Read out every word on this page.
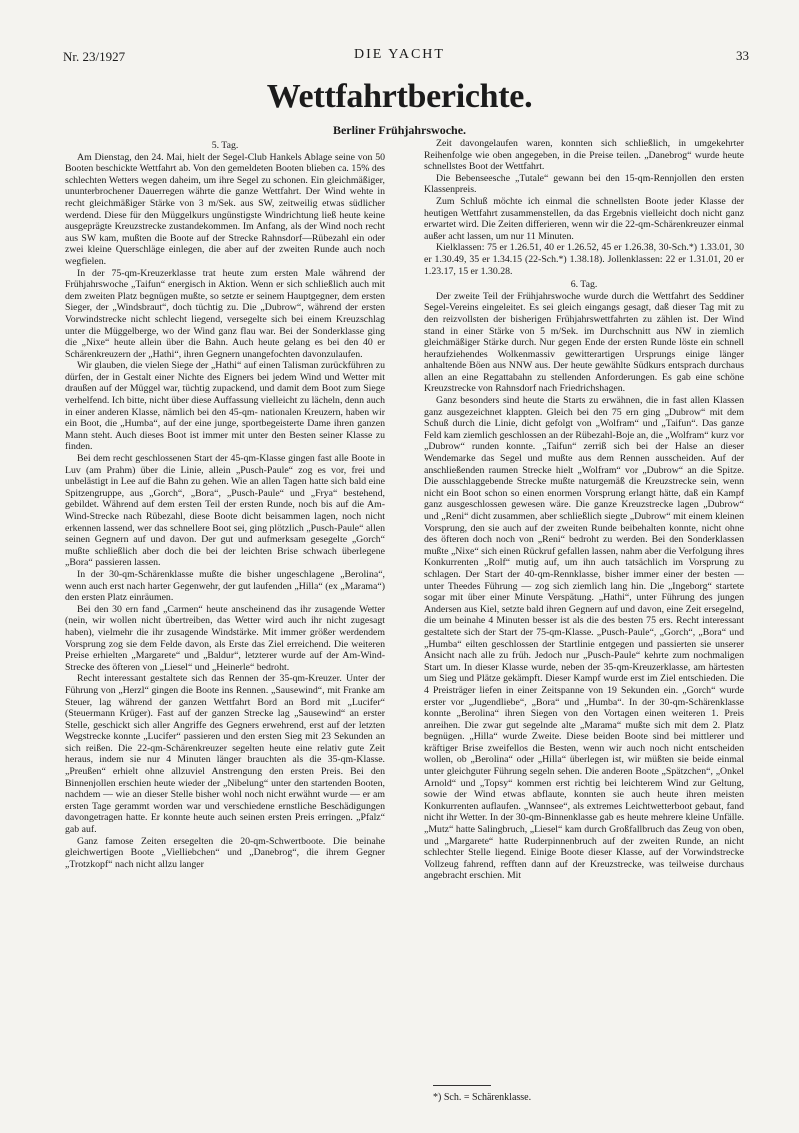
Nr. 23/1927	DIE YACHT	33
Wettfahrtberichte.
Berliner Frühjahrswoche.

5. Tag.

Am Dienstag, den 24. Mai, hielt der Segel-Club Hankels Ablage seine von 50 Booten beschickte Wettfahrt ab. Von den gemeldeten Booten blieben ca. 15% des schlechten Wetters wegen daheim, um ihre Segel zu schonen. Ein gleichmäßiger, ununterbrochener Dauerregen währte die ganze Wettfahrt. Der Wind wehte in recht gleichmäßiger Stärke von 3 m/Sek. aus SW, zeitweilig etwas südlicher werdend. Diese für den Müggelkurs ungünstigste Windrichtung ließ heute keine ausgeprägte Kreuzstrecke zustandekommen. Im Anfang, als der Wind noch recht aus SW kam, mußten die Boote auf der Strecke Rahnsdorf—Rübezahl ein oder zwei kleine Querschläge einlegen, die aber auf der zweiten Runde auch noch wegfielen.

In der 75-qm-Kreuzerklasse trat heute zum ersten Male während der Frühjahrswoche „Taifun“ energisch in Aktion. Wenn er sich schließlich auch mit dem zweiten Platz begnügen mußte, so setzte er seinem Hauptgegner, dem ersten Sieger, der „Windsbraut“, doch tüchtig zu. Die „Dubrow“, während der ersten Vorwindstrecke nicht schlecht liegend, versegelte sich bei einem Kreuzschlag unter die Müggelberge, wo der Wind ganz flau war. Bei der Sonderklasse ging die „Nixe“ heute allein über die Bahn. Auch heute gelang es bei den 40 er Schärenkreuzern der „Hathi“, ihren Gegnern unangefochten davonzulaufen.

Wir glauben, die vielen Siege der „Hathi“ auf einen Talisman zurückführen zu dürfen, der in Gestalt einer Nichte des Eigners bei jedem Wind und Wetter mit draußen auf der Müggel war, tüchtig zupackend, und damit dem Boot zum Siege verhelfend. Ich bitte, nicht über diese Auffassung vielleicht zu lächeln, denn auch in einer anderen Klasse, nämlich bei den 45-qm- nationalen Kreuzern, haben wir ein Boot, die „Humba“, auf der eine junge, sportbegeisterte Dame ihren ganzen Mann steht. Auch dieses Boot ist immer mit unter den Besten seiner Klasse zu finden.

Bei dem recht geschlossenen Start der 45-qm-Klasse gingen fast alle Boote in Luv (am Prahm) über die Linie, allein „Pusch-Paule“ zog es vor, frei und unbelästigt in Lee auf die Bahn zu gehen. Wie an allen Tagen hatte sich bald eine Spitzengruppe, aus „Gorch“, „Bora“, „Pusch-Paule“ und „Frya“ bestehend, gebildet. Während auf dem ersten Teil der ersten Runde, noch bis auf die Am-Wind-Strecke nach Rübezahl, diese Boote dicht beisammen lagen, noch nicht erkennen lassend, wer das schnellere Boot sei, ging plötzlich „Pusch-Paule“ allen seinen Gegnern auf und davon. Der gut und aufmerksam gesegelte „Gorch“ mußte schließlich aber doch die bei der leichten Brise schwach überlegene „Bora“ passieren lassen.

In der 30-qm-Schärenklasse mußte die bisher ungeschlagene „Berolina“, wenn auch erst nach harter Gegenwehr, der gut laufenden „Hilla“ (ex „Marama“) den ersten Platz einräumen.

Bei den 30 ern fand „Carmen“ heute anscheinend das ihr zusagende Wetter (nein, wir wollen nicht übertreiben, das Wetter wird auch ihr nicht zugesagt haben), vielmehr die ihr zusagende Windstärke. Mit immer größer werdendem Vorsprung zog sie dem Felde davon, als Erste das Ziel erreichend. Die weiteren Preise erhielten „Margarete“ und „Baldur“, letzterer wurde auf der Am-Wind-Strecke des öfteren von „Liesel“ und „Heinerle“ bedroht.

Recht interessant gestaltete sich das Rennen der 35-qm-Kreuzer. Unter der Führung von „Herzl“ gingen die Boote ins Rennen. „Sausewind“, mit Franke am Steuer, lag während der ganzen Wettfahrt Bord an Bord mit „Lucifer“ (Steuermann Krüger). Fast auf der ganzen Strecke lag „Sausewind“ an erster Stelle, geschickt sich aller Angriffe des Gegners erwehrend, erst auf der letzten Wegstrecke konnte „Lucifer“ passieren und den ersten Sieg mit 23 Sekunden an sich reißen. Die 22-qm-Schärenkreuzer segelten heute eine relativ gute Zeit heraus, indem sie nur 4 Minuten länger brauchten als die 35-qm-Klasse. „Preußen“ erhielt ohne allzuviel Anstrengung den ersten Preis. Bei den Binnenjollen erschien heute wieder der „Nibelung“ unter den startenden Booten, nachdem — wie an dieser Stelle bisher wohl noch nicht erwähnt wurde — er am ersten Tage gerammt worden war und verschiedene ernstliche Beschädigungen davongetragen hatte. Er konnte heute auch seinen ersten Preis erringen. „Pfalz“ gab auf.

Ganz famose Zeiten ersegelten die 20-qm-Schwertboote. Die beinahe gleichwertigen Boote „Vielliebchen“ und „Danebrog“, die ihrem Gegner „Trotzkopf“ nach nicht allzu langer

Zeit davongelaufen waren, konnten sich schließlich, in umgekehrter Reihenfolge wie oben angegeben, in die Preise teilen. „Danebrog“ wurde heute schnellstes Boot der Wettfahrt.

Die Bebenseesche „Tutale“ gewann bei den 15-qm-Rennjollen den ersten Klassenpreis.

Zum Schluß möchte ich einmal die schnellsten Boote jeder Klasse der heutigen Wettfahrt zusammenstellen, da das Ergebnis vielleicht doch nicht ganz erwartet wird. Die Zeiten differieren, wenn wir die 22-qm-Schärenkreuzer einmal außer acht lassen, um nur 11 Minuten.

Kielklassen: 75 er 1.26.51, 40 er 1.26.52, 45 er 1.26.38, 30-Sch.*) 1.33.01, 30 er 1.30.49, 35 er 1.34.15 (22-Sch.*) 1.38.18). Jollenklassen: 22 er 1.31.01, 20 er 1.23.17, 15 er 1.30.28.

6. Tag.

Der zweite Teil der Frühjahrswoche wurde durch die Wettfahrt des Seddiner Segel-Vereins eingeleitet. Es sei gleich eingangs gesagt, daß dieser Tag mit zu den reizvollsten der bisherigen Frühjahrswettfahrten zu zählen ist. Der Wind stand in einer Stärke von 5 m/Sek. im Durchschnitt aus NW in ziemlich gleichmäßiger Stärke durch. Nur gegen Ende der ersten Runde löste ein schnell heraufziehendes Wolkenmassiv gewitterartigen Ursprungs einige länger anhaltende Böen aus NNW aus. Der heute gewählte Südkurs entsprach durchaus allen an eine Regattabahn zu stellenden Anforderungen. Es gab eine schöne Kreuzstrecke von Rahnsdorf nach Friedrichshagen.

Ganz besonders sind heute die Starts zu erwähnen, die in fast allen Klassen ganz ausgezeichnet klappten. Gleich bei den 75 ern ging „Dubrow“ mit dem Schuß durch die Linie, dicht gefolgt von „Wolfram“ und „Taifun“. Das ganze Feld kam ziemlich geschlossen an der Rübezahl-Boje an, die „Wolfram“ kurz vor „Dubrow“ runden konnte. „Taifun“ zerriß sich bei der Halse an dieser Wendemarke das Segel und mußte aus dem Rennen ausscheiden. Auf der anschließenden raumen Strecke hielt „Wolfram“ vor „Dubrow“ an die Spitze. Die ausschlaggebende Strecke mußte naturgemäß die Kreuzstrecke sein, wenn nicht ein Boot schon so einen enormen Vorsprung erlangt hätte, daß ein Kampf ganz ausgeschlossen gewesen wäre. Die ganze Kreuzstrecke lagen „Dubrow“ und „Reni“ dicht zusammen, aber schließlich siegte „Dubrow“ mit einem kleinen Vorsprung, den sie auch auf der zweiten Runde beibehalten konnte, nicht ohne des öfteren doch noch von „Reni“ bedroht zu werden. Bei den Sonderklassen mußte „Nixe“ sich einen Rückruf gefallen lassen, nahm aber die Verfolgung ihres Konkurrenten „Rolf“ mutig auf, um ihn auch tatsächlich im Vorsprung zu schlagen. Der Start der 40-qm-Rennklasse, bisher immer einer der besten — unter Theedes Führung — zog sich ziemlich lang hin. Die „Ingeborg“ startete sogar mit über einer Minute Verspätung. „Hathi“, unter Führung des jungen Andersen aus Kiel, setzte bald ihren Gegnern auf und davon, eine Zeit ersegelnd, die um beinahe 4 Minuten besser ist als die des besten 75 ers. Recht interessant gestaltete sich der Start der 75-qm-Klasse. „Pusch-Paule“, „Gorch“, „Bora“ und „Humba“ eilten geschlossen der Startlinie entgegen und passierten sie unserer Ansicht nach alle zu früh. Jedoch nur „Pusch-Paule“ kehrte zum nochmaligen Start um. In dieser Klasse wurde, neben der 35-qm-Kreuzerklasse, am härtesten um Sieg und Plätze gekämpft. Dieser Kampf wurde erst im Ziel entschieden. Die 4 Preisträger liefen in einer Zeitspanne von 19 Sekunden ein. „Gorch“ wurde erster vor „Jugendliebe“, „Bora“ und „Humba“. In der 30-qm-Schärenklasse konnte „Berolina“ ihren Siegen von den Vortagen einen weiteren 1. Preis anreihen. Die zwar gut segelnde alte „Marama“ mußte sich mit dem 2. Platz begnügen. „Hilla“ wurde Zweite. Diese beiden Boote sind bei mittlerer und kräftiger Brise zweifellos die Besten, wenn wir auch noch nicht entscheiden wollen, ob „Berolina“ oder „Hilla“ überlegen ist, wir müßten sie beide einmal unter gleichguter Führung segeln sehen. Die anderen Boote „Spätzchen“, „Onkel Arnold“ und „Topsy“ kommen erst richtig bei leichterem Wind zur Geltung, sowie der Wind etwas abflaute, konnten sie auch heute ihren meisten Konkurrenten auflaufen. „Wannsee“, als extremes Leichtwetterboot gebaut, fand nicht ihr Wetter. In der 30-qm-Binnenklasse gab es heute mehrere kleine Unfälle. „Mutz“ hatte Salingbruch, „Liesel“ kam durch Großfallbruch das Zeug von oben, und „Margarete“ hatte Ruderpinnenbruch auf der zweiten Runde, an nicht schlechter Stelle liegend. Einige Boote dieser Klasse, auf der Vorwindstrecke Vollzeug fahrend, refften dann auf der Kreuzstrecke, was teilweise durchaus angebracht erschien. Mit

*) Sch. = Schärenklasse.
